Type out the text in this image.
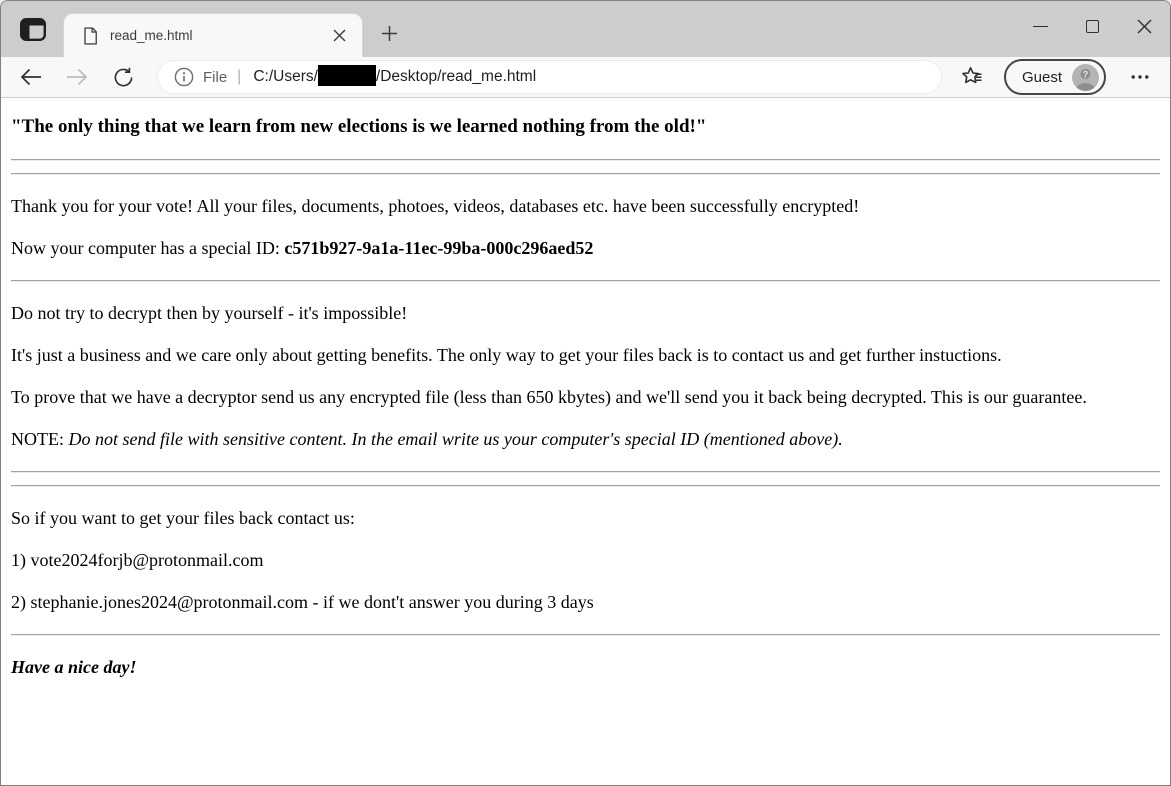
read_me.html
File | C:/Users/	/Desktop/read_me.html	Guest ?

"The only thing that we learn from new elections is we learned nothing from the old!"

Thank you for your vote! All your files, documents, photoes, videos, databases etc. have been successfully encrypted!

Now your computer has a special ID: c571b927-9a1a-11ec-99ba-000c296aed52

Do not try to decrypt then by yourself - it's impossible!

It's just a business and we care only about getting benefits. The only way to get your files back is to contact us and get further instuctions.

To prove that we have a decryptor send us any encrypted file (less than 650 kbytes) and we'll send you it back being decrypted. This is our guarantee.

NOTE: Do not send file with sensitive content. In the email write us your computer's special ID (mentioned above).

So if you want to get your files back contact us:

1) vote2024forjb@protonmail.com

2) stephanie.jones2024@protonmail.com - if we dont't answer you during 3 days

Have a nice day!
